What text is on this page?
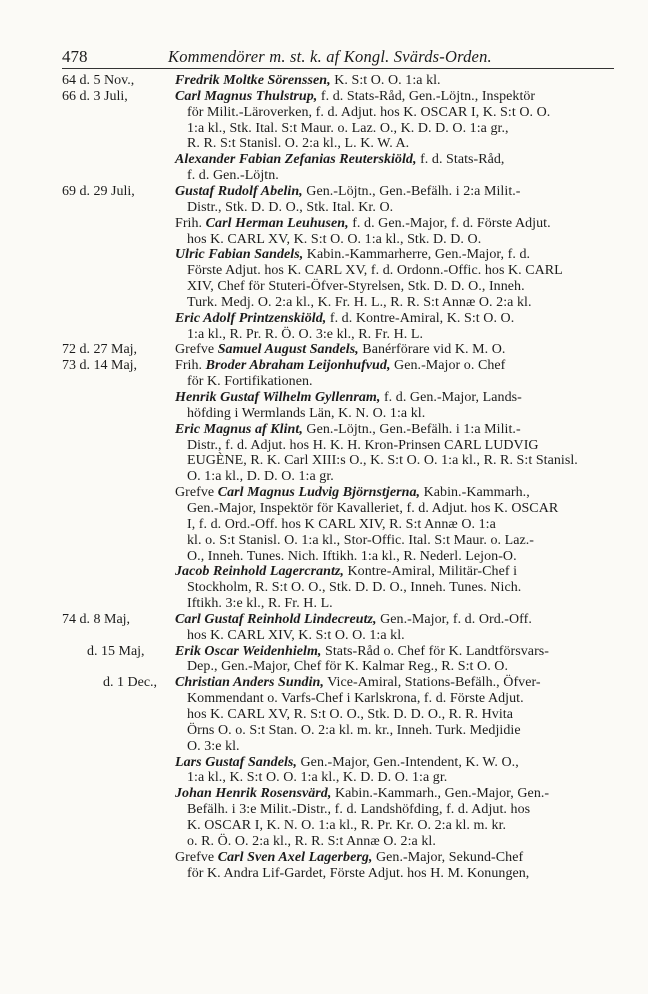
478	Kommendörer m. st. k. af Kongl. Svärds-Orden.
64 d. 5 Nov.,
66 d. 3 Juli,
69 d. 29 Juli,
72 d. 27 Maj,
73 d. 14 Maj,
74 d. 8 Maj,
d. 15 Maj,
d. 1 Dec.,
Fredrik Moltke Sörenssen, K. S:t O. O. 1:a kl.
Carl Magnus Thulstrup, f. d. Stats-Råd, Gen.-Löjtn., Inspektör
för Milit.-Läroverken, f. d. Adjut. hos K. OSCAR I, K. S:t O. O.
1:a kl., Stk. Ital. S:t Maur. o. Laz. O., K. D. D. O. 1:a gr.,
R. R. S:t Stanisl. O. 2:a kl., L. K. W. A.
Alexander Fabian Zefanias Reuterskiöld, f. d. Stats-Råd,
f. d. Gen.-Löjtn.
Gustaf Rudolf Abelin, Gen.-Löjtn., Gen.-Befälh. i 2:a Milit.-
Distr., Stk. D. D. O., Stk. Ital. Kr. O.
Frih. Carl Herman Leuhusen, f. d. Gen.-Major, f. d. Förste Adjut.
hos K. CARL XV, K. S:t O. O. 1:a kl., Stk. D. D. O.
Ulric Fabian Sandels, Kabin.-Kammarherre, Gen.-Major, f. d.
Förste Adjut. hos K. CARL XV, f. d. Ordonn.-Offic. hos K. CARL
XIV, Chef för Stuteri-Öfver-Styrelsen, Stk. D. D. O., Inneh.
Turk. Medj. O. 2:a kl., K. Fr. H. L., R. R. S:t Annæ O. 2:a kl.
Eric Adolf Printzenskiöld, f. d. Kontre-Amiral, K. S:t O. O.
1:a kl., R. Pr. R. Ö. O. 3:e kl., R. Fr. H. L.
Grefve Samuel August Sandels, Banérförare vid K. M. O.
Frih. Broder Abraham Leijonhufvud, Gen.-Major o. Chef
för K. Fortifikationen.
Henrik Gustaf Wilhelm Gyllenram, f. d. Gen.-Major, Lands-
höfding i Wermlands Län, K. N. O. 1:a kl.
Eric Magnus af Klint, Gen.-Löjtn., Gen.-Befälh. i 1:a Milit.-
Distr., f. d. Adjut. hos H. K. H. Kron-Prinsen CARL LUDVIG
EUGÈNE, R. K. Carl XIII:s O., K. S:t O. O. 1:a kl., R. R. S:t Stanisl.
O. 1:a kl., D. D. O. 1:a gr.
Grefve Carl Magnus Ludvig Björnstjerna, Kabin.-Kammarh.,
Gen.-Major, Inspektör för Kavalleriet, f. d. Adjut. hos K. OSCAR
I, f. d. Ord.-Off. hos K CARL XIV, R. S:t Annæ O. 1:a
kl. o. S:t Stanisl. O. 1:a kl., Stor-Offic. Ital. S:t Maur. o. Laz.-
O., Inneh. Tunes. Nich. Iftikh. 1:a kl., R. Nederl. Lejon-O.
Jacob Reinhold Lagercrantz, Kontre-Amiral, Militär-Chef i
Stockholm, R. S:t O. O., Stk. D. D. O., Inneh. Tunes. Nich.
Iftikh. 3:e kl., R. Fr. H. L.
Carl Gustaf Reinhold Lindecreutz, Gen.-Major, f. d. Ord.-Off.
hos K. CARL XIV, K. S:t O. O. 1:a kl.
Erik Oscar Weidenhielm, Stats-Råd o. Chef för K. Landtförsvars-
Dep., Gen.-Major, Chef för K. Kalmar Reg., R. S:t O. O.
Christian Anders Sundin, Vice-Amiral, Stations-Befälh., Öfver-
Kommendant o. Varfs-Chef i Karlskrona, f. d. Förste Adjut.
hos K. CARL XV, R. S:t O. O., Stk. D. D. O., R. R. Hvita
Örns O. o. S:t Stan. O. 2:a kl. m. kr., Inneh. Turk. Medjidie
O. 3:e kl.
Lars Gustaf Sandels, Gen.-Major, Gen.-Intendent, K. W. O.,
1:a kl., K. S:t O. O. 1:a kl., K. D. D. O. 1:a gr.
Johan Henrik Rosensvärd, Kabin.-Kammarh., Gen.-Major, Gen.-
Befälh. i 3:e Milit.-Distr., f. d. Landshöfding, f. d. Adjut. hos
K. OSCAR I, K. N. O. 1:a kl., R. Pr. Kr. O. 2:a kl. m. kr.
o. R. Ö. O. 2:a kl., R. R. S:t Annæ O. 2:a kl.
Grefve Carl Sven Axel Lagerberg, Gen.-Major, Sekund-Chef
för K. Andra Lif-Gardet, Förste Adjut. hos H. M. Konungen,
